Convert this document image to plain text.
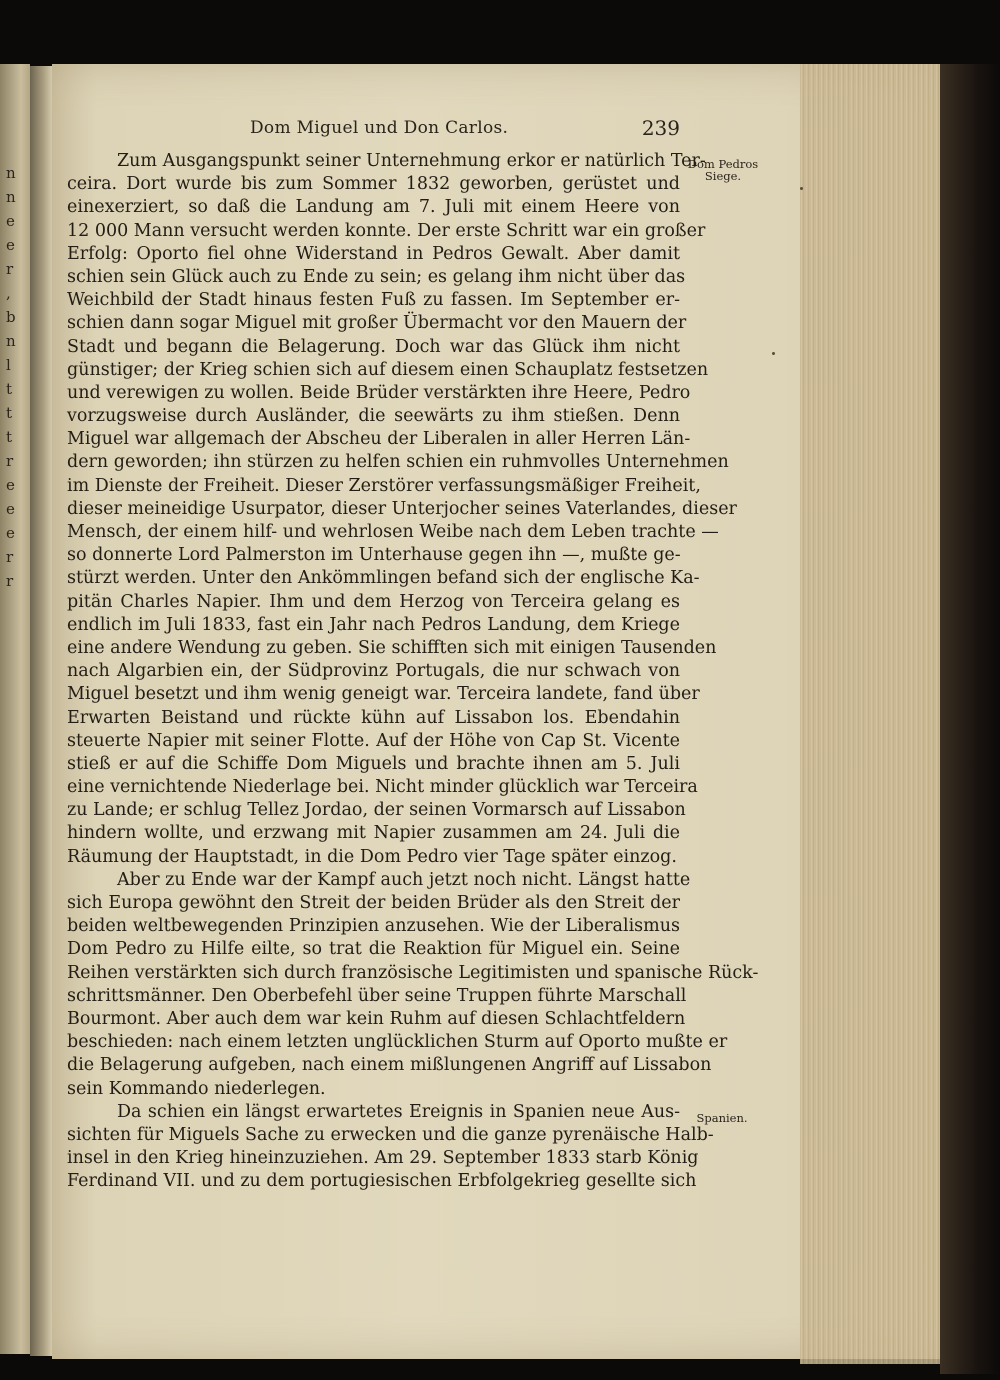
n
n
e
e
r
,
b
n
l
t
t
t
r
e
e
e
r
r
Dom Miguel und Don Carlos.	239
Dom Pedros
Siege.
Spanien.
Zum Ausgangspunkt seiner Unternehmung erkor er natürlich Ter-
ceira. Dort wurde bis zum Sommer 1832 geworben, gerüstet und
einexerziert, so daß die Landung am 7. Juli mit einem Heere von
12 000 Mann versucht werden konnte. Der erste Schritt war ein großer
Erfolg: Oporto fiel ohne Widerstand in Pedros Gewalt. Aber damit
schien sein Glück auch zu Ende zu sein; es gelang ihm nicht über das
Weichbild der Stadt hinaus festen Fuß zu fassen. Im September er-
schien dann sogar Miguel mit großer Übermacht vor den Mauern der
Stadt und begann die Belagerung. Doch war das Glück ihm nicht
günstiger; der Krieg schien sich auf diesem einen Schauplatz festsetzen
und verewigen zu wollen. Beide Brüder verstärkten ihre Heere, Pedro
vorzugsweise durch Ausländer, die seewärts zu ihm stießen. Denn
Miguel war allgemach der Abscheu der Liberalen in aller Herren Län-
dern geworden; ihn stürzen zu helfen schien ein ruhmvolles Unternehmen
im Dienste der Freiheit. Dieser Zerstörer verfassungsmäßiger Freiheit,
dieser meineidige Usurpator, dieser Unterjocher seines Vaterlandes, dieser
Mensch, der einem hilf- und wehrlosen Weibe nach dem Leben trachte —
so donnerte Lord Palmerston im Unterhause gegen ihn —, mußte ge-
stürzt werden. Unter den Ankömmlingen befand sich der englische Ka-
pitän Charles Napier. Ihm und dem Herzog von Terceira gelang es
endlich im Juli 1833, fast ein Jahr nach Pedros Landung, dem Kriege
eine andere Wendung zu geben. Sie schifften sich mit einigen Tausenden
nach Algarbien ein, der Südprovinz Portugals, die nur schwach von
Miguel besetzt und ihm wenig geneigt war. Terceira landete, fand über
Erwarten Beistand und rückte kühn auf Lissabon los. Ebendahin
steuerte Napier mit seiner Flotte. Auf der Höhe von Cap St. Vicente
stieß er auf die Schiffe Dom Miguels und brachte ihnen am 5. Juli
eine vernichtende Niederlage bei. Nicht minder glücklich war Terceira
zu Lande; er schlug Tellez Jordao, der seinen Vormarsch auf Lissabon
hindern wollte, und erzwang mit Napier zusammen am 24. Juli die
Räumung der Hauptstadt, in die Dom Pedro vier Tage später einzog.
Aber zu Ende war der Kampf auch jetzt noch nicht. Längst hatte
sich Europa gewöhnt den Streit der beiden Brüder als den Streit der
beiden weltbewegenden Prinzipien anzusehen. Wie der Liberalismus
Dom Pedro zu Hilfe eilte, so trat die Reaktion für Miguel ein. Seine
Reihen verstärkten sich durch französische Legitimisten und spanische Rück-
schrittsmänner. Den Oberbefehl über seine Truppen führte Marschall
Bourmont. Aber auch dem war kein Ruhm auf diesen Schlachtfeldern
beschieden: nach einem letzten unglücklichen Sturm auf Oporto mußte er
die Belagerung aufgeben, nach einem mißlungenen Angriff auf Lissabon
sein Kommando niederlegen.
Da schien ein längst erwartetes Ereignis in Spanien neue Aus-
sichten für Miguels Sache zu erwecken und die ganze pyrenäische Halb-
insel in den Krieg hineinzuziehen. Am 29. September 1833 starb König
Ferdinand VII. und zu dem portugiesischen Erbfolgekrieg gesellte sich
